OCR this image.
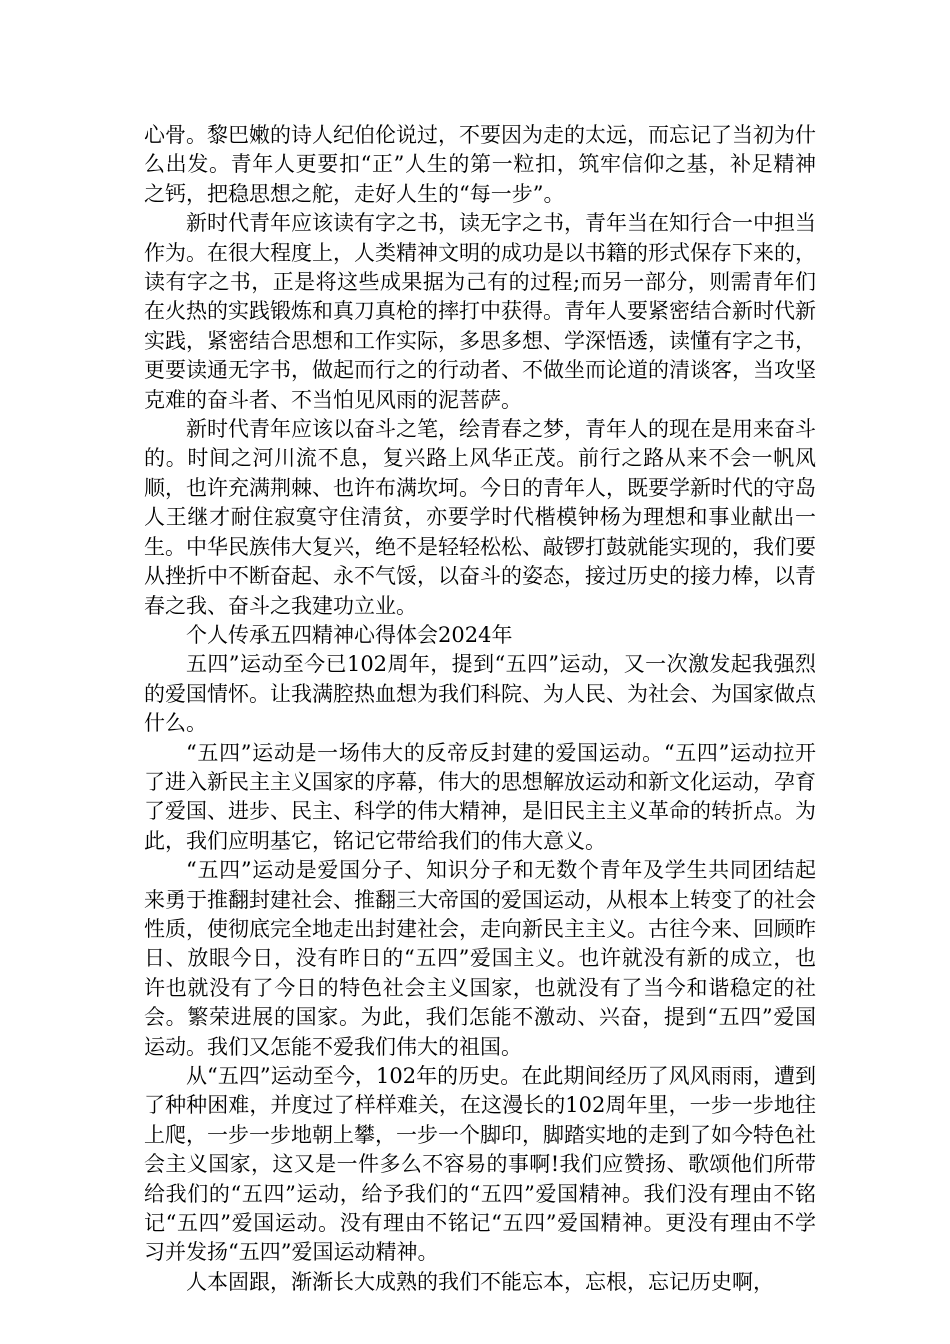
心骨。黎巴嫩的诗人纪伯伦说过，不要因为走的太远，而忘记了当初为什么出发。青年人更要扣“正”人生的第一粒扣，筑牢信仰之基，补足精神之钙，把稳思想之舵，走好人生的“每一步”。

新时代青年应该读有字之书，读无字之书，青年当在知行合一中担当作为。在很大程度上，人类精神文明的成功是以书籍的形式保存下来的，读有字之书，正是将这些成果据为己有的过程;而另一部分，则需青年们在火热的实践锻炼和真刀真枪的摔打中获得。青年人要紧密结合新时代新实践，紧密结合思想和工作实际，多思多想、学深悟透，读懂有字之书，更要读通无字书，做起而行之的行动者、不做坐而论道的清谈客，当攻坚克难的奋斗者、不当怕见风雨的泥菩萨。

新时代青年应该以奋斗之笔，绘青春之梦，青年人的现在是用来奋斗的。时间之河川流不息，复兴路上风华正茂。前行之路从来不会一帆风顺，也许充满荆棘、也许布满坎坷。今日的青年人，既要学新时代的守岛人王继才耐住寂寞守住清贫，亦要学时代楷模钟杨为理想和事业献出一生。中华民族伟大复兴，绝不是轻轻松松、敲锣打鼓就能实现的，我们要从挫折中不断奋起、永不气馁，以奋斗的姿态，接过历史的接力棒，以青春之我、奋斗之我建功立业。

个人传承五四精神心得体会2024年

五四”运动至今已102周年，提到“五四”运动，又一次激发起我强烈的爱国情怀。让我满腔热血想为我们科院、为人民、为社会、为国家做点什么。

“五四”运动是一场伟大的反帝反封建的爱国运动。“五四”运动拉开了进入新民主主义国家的序幕，伟大的思想解放运动和新文化运动，孕育了爱国、进步、民主、科学的伟大精神，是旧民主主义革命的转折点。为此，我们应明基它，铭记它带给我们的伟大意义。

“五四”运动是爱国分子、知识分子和无数个青年及学生共同团结起来勇于推翻封建社会、推翻三大帝国的爱国运动，从根本上转变了的社会性质，使彻底完全地走出封建社会，走向新民主主义。古往今来、回顾昨日、放眼今日，没有昨日的“五四”爱国主义。也许就没有新的成立，也许也就没有了今日的特色社会主义国家，也就没有了当今和谐稳定的社会。繁荣进展的国家。为此，我们怎能不激动、兴奋，提到“五四”爱国运动。我们又怎能不爱我们伟大的祖国。

从“五四”运动至今，102年的历史。在此期间经历了风风雨雨，遭到了种种困难，并度过了样样难关，在这漫长的102周年里，一步一步地往上爬，一步一步地朝上攀，一步一个脚印，脚踏实地的走到了如今特色社会主义国家，这又是一件多么不容易的事啊!我们应赞扬、歌颂他们所带给我们的“五四”运动，给予我们的“五四”爱国精神。我们没有理由不铭记“五四”爱国运动。没有理由不铭记“五四”爱国精神。更没有理由不学习并发扬“五四”爱国运动精神。

人本固跟，渐渐长大成熟的我们不能忘本，忘根，忘记历史啊，
